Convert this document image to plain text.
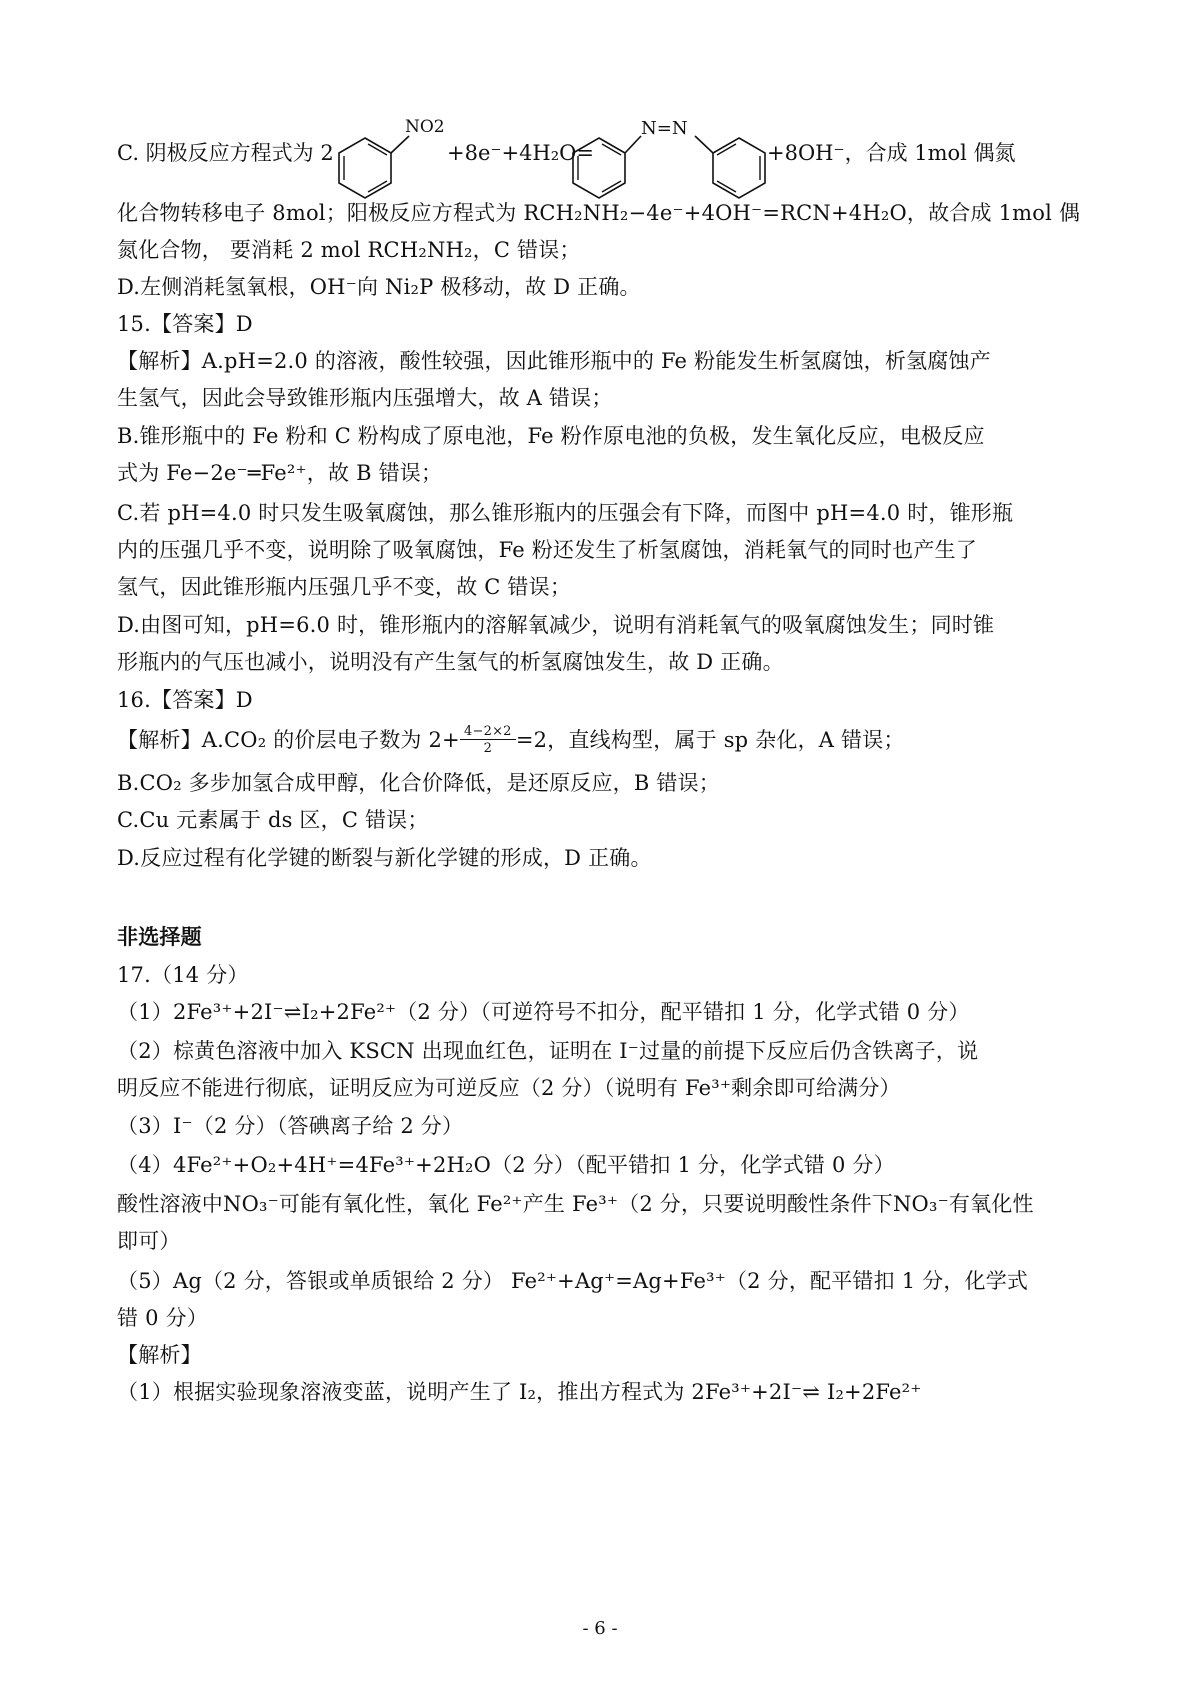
C. 阴极反应方程式为 2
NO2
+8e⁻+4H₂O=
N=N
+8OH⁻，合成 1mol 偶氮
化合物转移电子 8mol；阳极反应方程式为 RCH₂NH₂−4e⁻+4OH⁻=RCN+4H₂O，故合成 1mol 偶
氮化合物， 要消耗 2 mol RCH₂NH₂，C 错误；
D.左侧消耗氢氧根，OH⁻向 Ni₂P 极移动，故 D 正确。
15.【答案】D
【解析】A.pH=2.0 的溶液，酸性较强，因此锥形瓶中的 Fe 粉能发生析氢腐蚀，析氢腐蚀产
生氢气，因此会导致锥形瓶内压强增大，故 A 错误；
B.锥形瓶中的 Fe 粉和 C 粉构成了原电池，Fe 粉作原电池的负极，发生氧化反应，电极反应
式为 Fe−2e⁻═Fe²⁺，故 B 错误；
C.若 pH=4.0 时只发生吸氧腐蚀，那么锥形瓶内的压强会有下降，而图中 pH=4.0 时，锥形瓶
内的压强几乎不变，说明除了吸氧腐蚀，Fe 粉还发生了析氢腐蚀，消耗氧气的同时也产生了
氢气，因此锥形瓶内压强几乎不变，故 C 错误；
D.由图可知，pH=6.0 时，锥形瓶内的溶解氧减少，说明有消耗氧气的吸氧腐蚀发生；同时锥
形瓶内的气压也减小，说明没有产生氢气的析氢腐蚀发生，故 D 正确。
16.【答案】D
【解析】A.CO₂ 的价层电子数为 $2+ \frac{4-2\times 2}{2} =2$，直线构型，属于 sp 杂化，A 错误；
B.CO₂ 多步加氢合成甲醇，化合价降低，是还原反应，B 错误；
C.Cu 元素属于 ds 区，C 错误；
D.反应过程有化学键的断裂与新化学键的形成，D 正确。
非选择题
17.（14 分）
（1）2Fe³⁺+2I⁻⇌I₂+2Fe²⁺（2 分）（可逆符号不扣分，配平错扣 1 分，化学式错 0 分）
（2）棕黄色溶液中加入 KSCN 出现血红色，证明在 I⁻过量的前提下反应后仍含铁离子，说
明反应不能进行彻底，证明反应为可逆反应（2 分）（说明有 Fe³⁺剩余即可给满分）
（3）I⁻（2 分）（答碘离子给 2 分）
（4）4Fe²⁺+O₂+4H⁺=4Fe³⁺+2H₂O（2 分）（配平错扣 1 分，化学式错 0 分）
酸性溶液中NO₃⁻可能有氧化性，氧化 Fe²⁺产生 Fe³⁺（2 分，只要说明酸性条件下NO₃⁻有氧化性
即可）
（5）Ag（2 分，答银或单质银给 2 分） Fe²⁺+Ag⁺=Ag+Fe³⁺（2 分，配平错扣 1 分，化学式
错 0 分）
【解析】
（1）根据实验现象溶液变蓝，说明产生了 I₂，推出方程式为 2Fe³⁺+2I⁻⇌ I₂+2Fe²⁺
- 6 -
